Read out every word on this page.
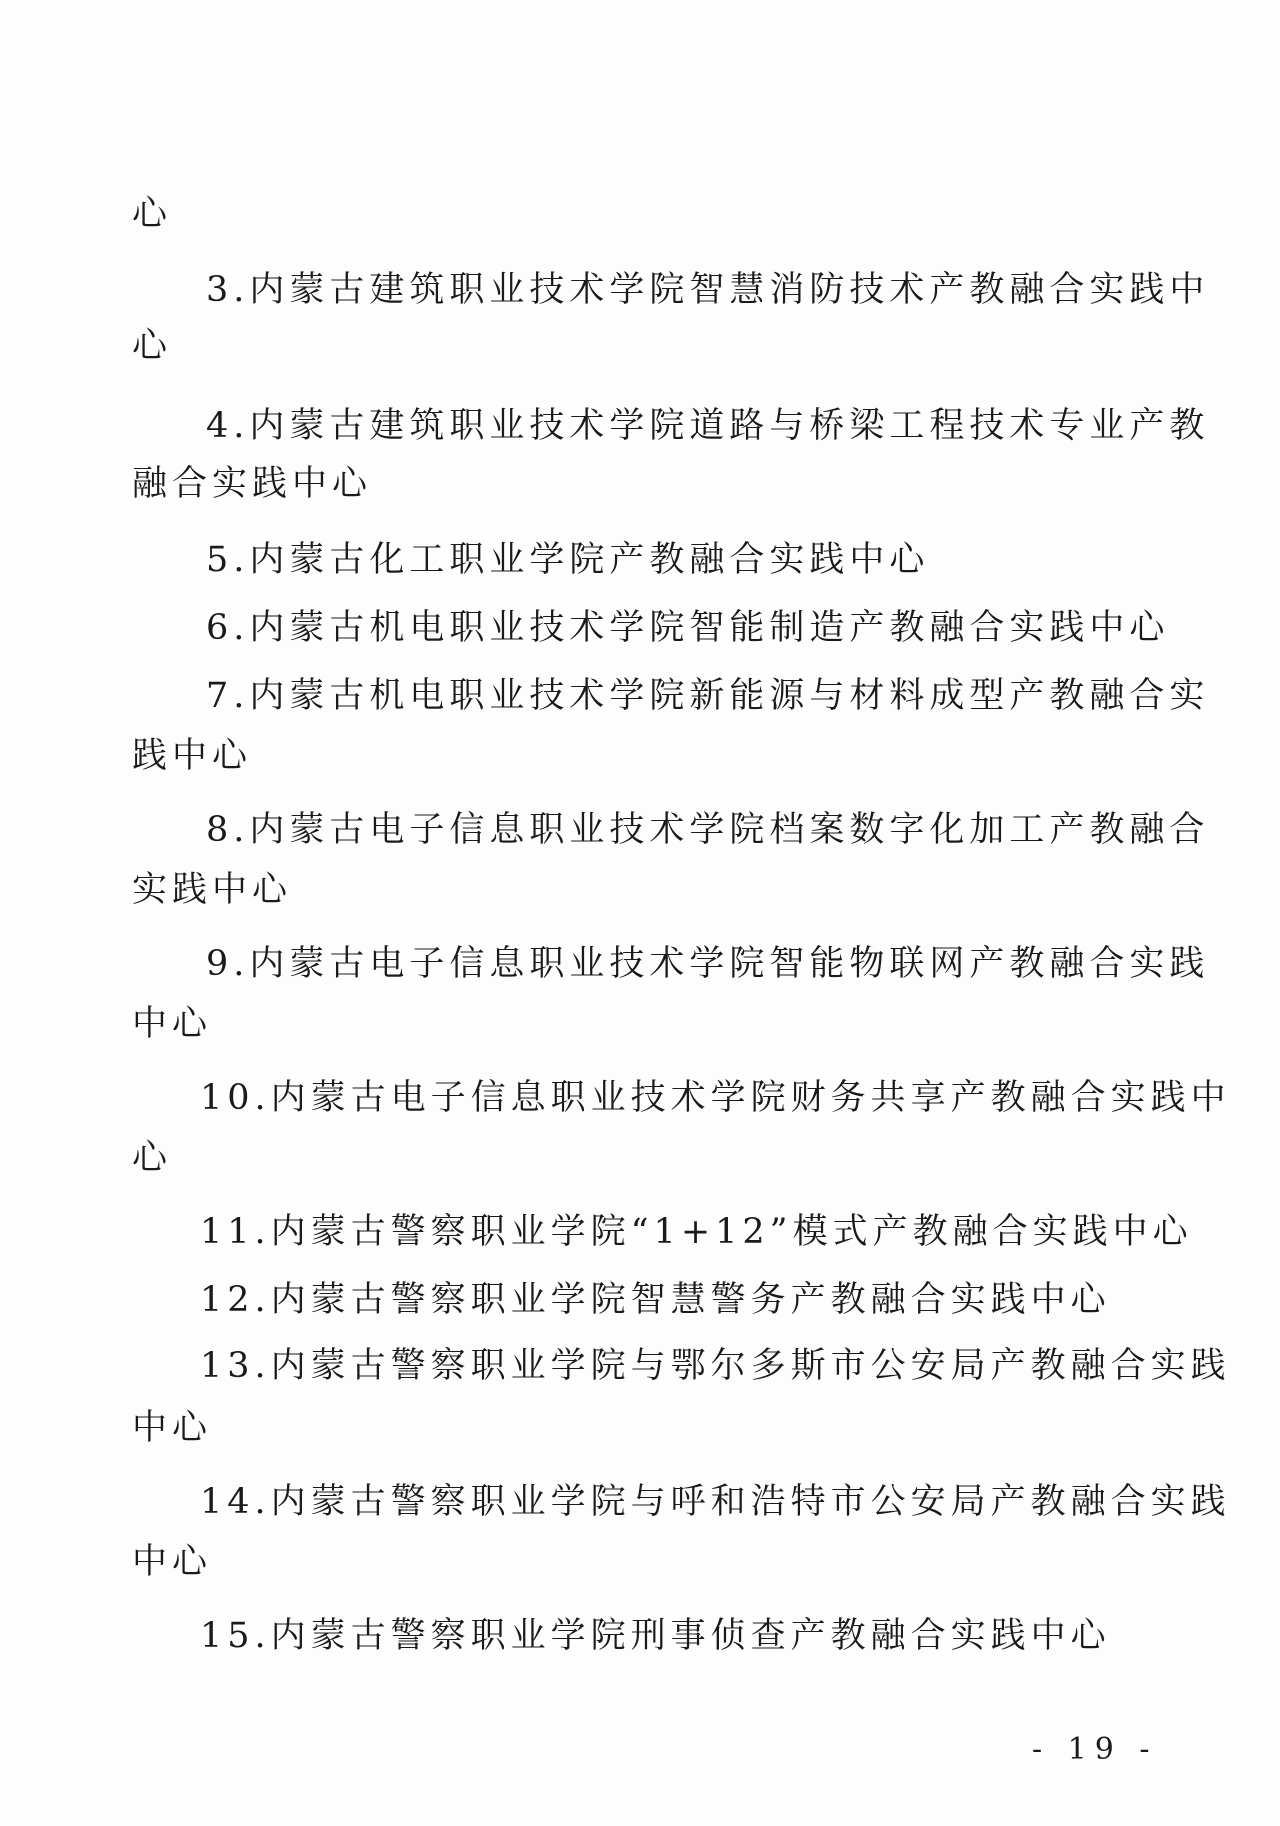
心
3.内蒙古建筑职业技术学院智慧消防技术产教融合实践中
心
4.内蒙古建筑职业技术学院道路与桥梁工程技术专业产教
融合实践中心
5.内蒙古化工职业学院产教融合实践中心
6.内蒙古机电职业技术学院智能制造产教融合实践中心
7.内蒙古机电职业技术学院新能源与材料成型产教融合实
践中心
8.内蒙古电子信息职业技术学院档案数字化加工产教融合
实践中心
9.内蒙古电子信息职业技术学院智能物联网产教融合实践
中心
10.内蒙古电子信息职业技术学院财务共享产教融合实践中
心
11.内蒙古警察职业学院“1+12”模式产教融合实践中心
12.内蒙古警察职业学院智慧警务产教融合实践中心
13.内蒙古警察职业学院与鄂尔多斯市公安局产教融合实践
中心
14.内蒙古警察职业学院与呼和浩特市公安局产教融合实践
中心
15.内蒙古警察职业学院刑事侦查产教融合实践中心
- 19 -
